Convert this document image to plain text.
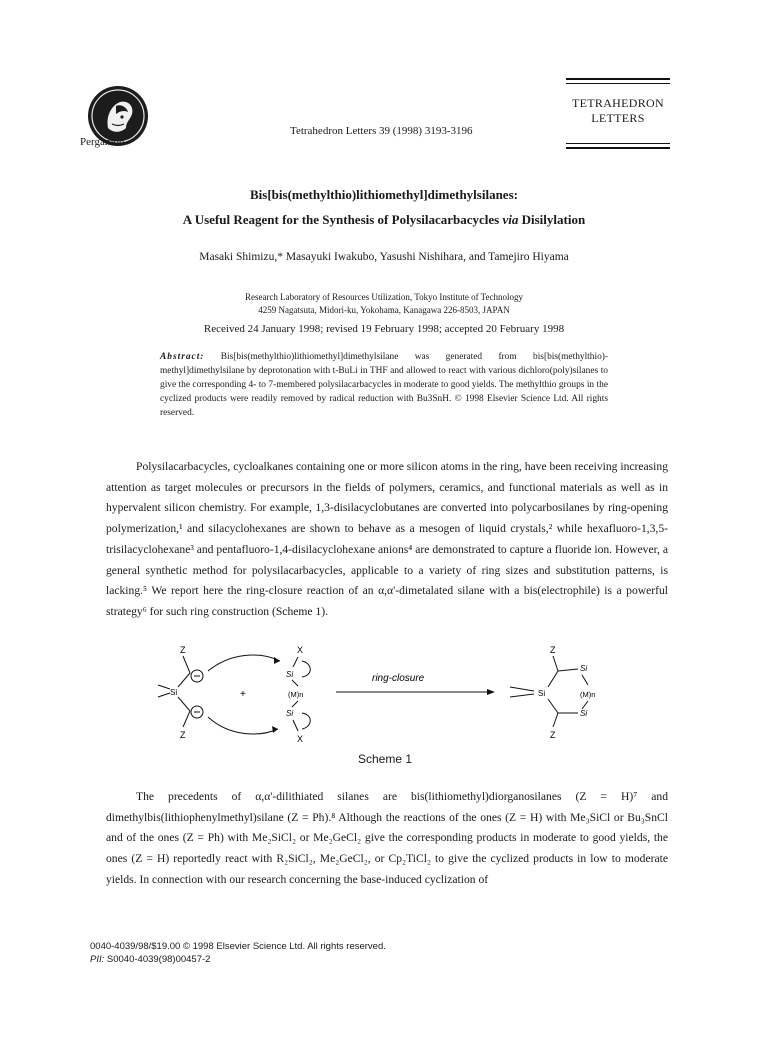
Pergamon
Tetrahedron Letters 39 (1998) 3193-3196
TETRAHEDRON
LETTERS
Bis[bis(methylthio)lithiomethyl]dimethylsilanes:
A Useful Reagent for the Synthesis of Polysilacarbacycles via Disilylation
Masaki Shimizu,* Masayuki Iwakubo, Yasushi Nishihara, and Tamejiro Hiyama
Research Laboratory of Resources Utilization, Tokyo Institute of Technology
4259 Nagatsuta, Midori-ku, Yokohama, Kanagawa 226-8503, JAPAN
Received 24 January 1998; revised 19 February 1998; accepted 20 February 1998
Abstract: Bis[bis(methylthio)lithiomethyl]dimethylsilane was generated from bis[bis(methylthio)-methyl]dimethylsilane by deprotonation with t-BuLi in THF and allowed to react with various dichloro(poly)silanes to give the corresponding 4- to 7-membered polysilacarbacycles in moderate to good yields. The methylthio groups in the cyclized products were readily removed by radical reduction with Bu3SnH. © 1998 Elsevier Science Ltd. All rights reserved.
Polysilacarbacycles, cycloalkanes containing one or more silicon atoms in the ring, have been receiving increasing attention as target molecules or precursors in the fields of polymers, ceramics, and functional materials as well as in hypervalent silicon chemistry. For example, 1,3-disilacyclobutanes are converted into polycarbosilanes by ring-opening polymerization,¹ and silacyclohexanes are shown to behave as a mesogen of liquid crystals,² while hexafluoro-1,3,5-trisilacyclohexane³ and pentafluoro-1,4-disilacyclohexane anions⁴ are demonstrated to capture a fluoride ion. However, a general synthetic method for polysilacarbacycles, applicable to a variety of ring sizes and substitution patterns, is lacking.⁵ We report here the ring-closure reaction of an α,α'-dimetalated silane with a bis(electrophile) is a powerful strategy⁶ for such ring construction (Scheme 1).
Z
Si
Z
+
X
Si
(M)n
Si
X
ring-closure
Z
Si
Si	(M)n
Si
Z
Scheme 1
The precedents of α,α'-dilithiated silanes are bis(lithiomethyl)diorganosilanes (Z = H)⁷ and dimethylbis(lithiophenylmethyl)silane (Z = Ph).⁸ Although the reactions of the ones (Z = H) with Me₃SiCl or Bu₃SnCl and of the ones (Z = Ph) with Me₂SiCl₂ or Me₂GeCl₂ give the corresponding products in moderate to good yields, the ones (Z = H) reportedly react with R₂SiCl₂, Me₂GeCl₂, or Cp₂TiCl₂ to give the cyclized products in low to moderate yields. In connection with our research concerning the base-induced cyclization of
0040-4039/98/$19.00 © 1998 Elsevier Science Ltd. All rights reserved.
PII: S0040-4039(98)00457-2
